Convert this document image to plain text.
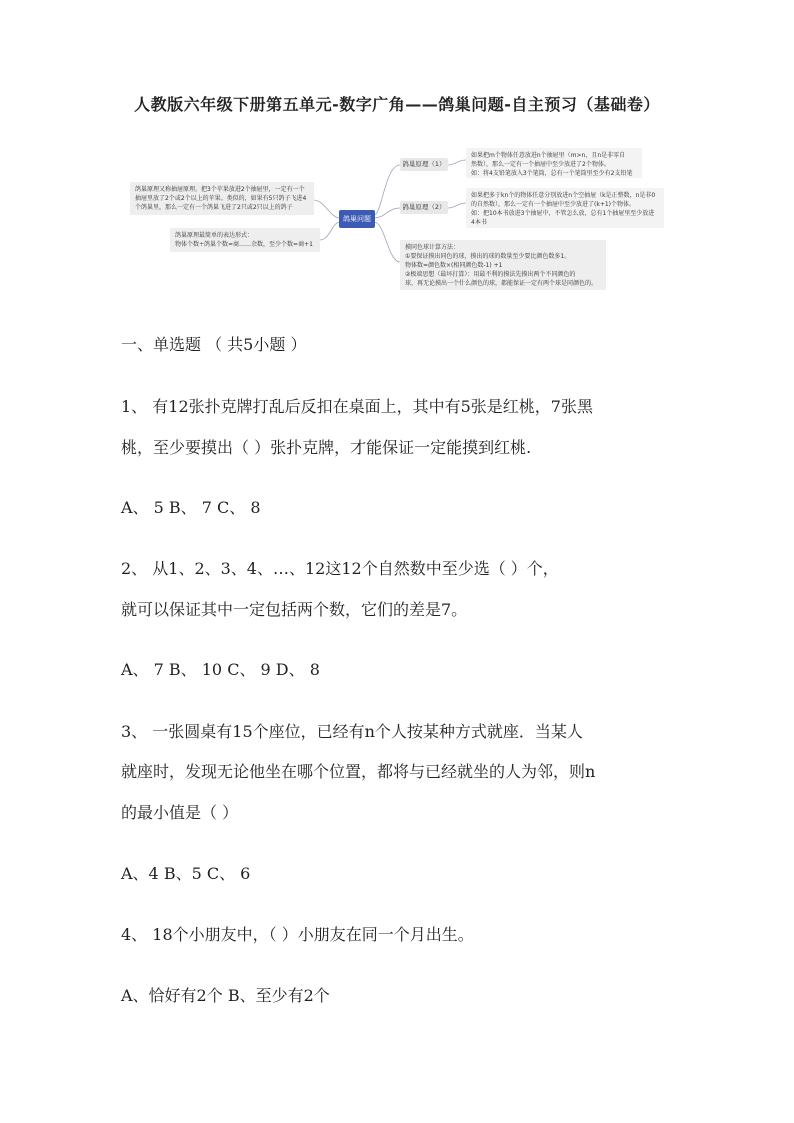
人教版六年级下册第五单元-数字广角——鸽巢问题-自主预习（基础卷）
鸽巢原理又称抽屉原理。把3个苹果放进2个抽屉里，一定有一个
抽屉里放了2个或2个以上的苹果。类似的，如果有5只鸽子飞进4
个鸽巢里，那么一定有一个鸽巢飞进了2只或2只以上的鸽子
鸽巢原理最简单的表达形式：
物体个数÷鸽巢个数=商……余数，至少个数=商+1
鸽巢问题
鸽巢原理（1）
如果把m个物体任意放进n个抽屉里（m>n，且n是非零自
然数），那么一定有一个抽屉中至少放进了2个物体。
如：将4支铅笔放入3个笔筒，总有一个笔筒里至少有2支铅笔
鸽巢原理（2）
如果把多于kn个的物体任意分别放进n个空抽屉（k是正整数，n是非0
的自然数），那么一定有一个抽屉中至少放进了(k+1)个物体。
如：把10本书放进3个抽屉中，不管怎么放，总有1个抽屉里至少放进
4本书
摸同色球计算方法：
①要保证摸出同色的球，摸出的球的数量至少要比颜色数多1。
物体数=颜色数×(相同颜色数-1) +1
②极端思想（最坏打算）：用最不利的摸法先摸出两个不同颜色的
球，再无论摸出一个什么颜色的球，都能保证一定有两个球是同颜色的。
一、单选题 （ 共5小题 ）
1、 有12张扑克牌打乱后反扣在桌面上，其中有5张是红桃，7张黑
桃，至少要摸出（ ）张扑克牌，才能保证一定能摸到红桃.
A、 5 B、 7 C、 8
2、 从1、2、3、4、…、12这12个自然数中至少选（ ）个，
就可以保证其中一定包括两个数，它们的差是7。
A、 7 B、 10 C、 9 D、 8
3、 一张圆桌有15个座位，已经有n个人按某种方式就座．当某人
就座时，发现无论他坐在哪个位置，都将与已经就坐的人为邻，则n
的最小值是（ ）
A、4 B、5 C、 6
4、 18个小朋友中，（ ）小朋友在同一个月出生。
A、恰好有2个 B、至少有2个
